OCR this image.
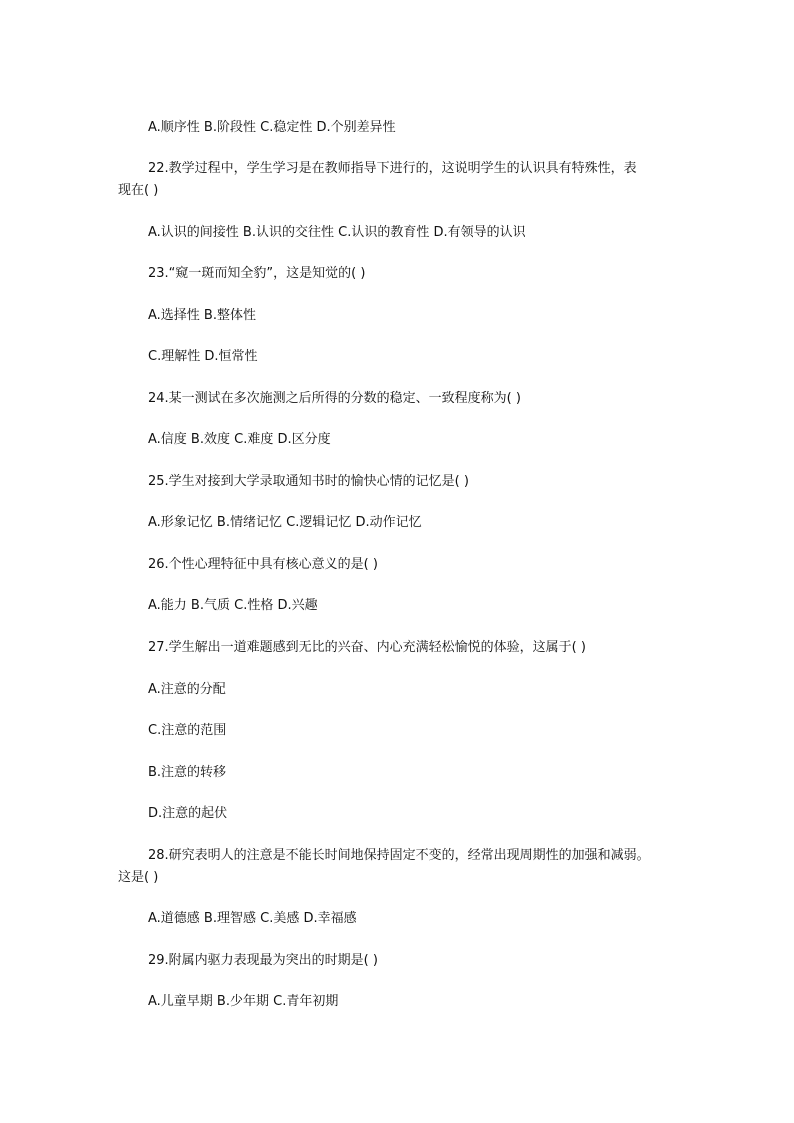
A.顺序性 B.阶段性 C.稳定性 D.个别差异性
22.教学过程中，学生学习是在教师指导下进行的，这说明学生的认识具有特殊性，表
现在( )
A.认识的间接性 B.认识的交往性 C.认识的教育性 D.有领导的认识
23.“窥一斑而知全豹”，这是知觉的( )
A.选择性 B.整体性
C.理解性 D.恒常性
24.某一测试在多次施测之后所得的分数的稳定、一致程度称为( )
A.信度 B.效度 C.难度 D.区分度
25.学生对接到大学录取通知书时的愉快心情的记忆是( )
A.形象记忆 B.情绪记忆 C.逻辑记忆 D.动作记忆
26.个性心理特征中具有核心意义的是( )
A.能力 B.气质 C.性格 D.兴趣
27.学生解出一道难题感到无比的兴奋、内心充满轻松愉悦的体验，这属于( )
A.注意的分配
C.注意的范围
B.注意的转移
D.注意的起伏
28.研究表明人的注意是不能长时间地保持固定不变的，经常出现周期性的加强和减弱。
这是( )
A.道德感 B.理智感 C.美感 D.幸福感
29.附属内驱力表现最为突出的时期是( )
A.儿童早期 B.少年期 C.青年初期
